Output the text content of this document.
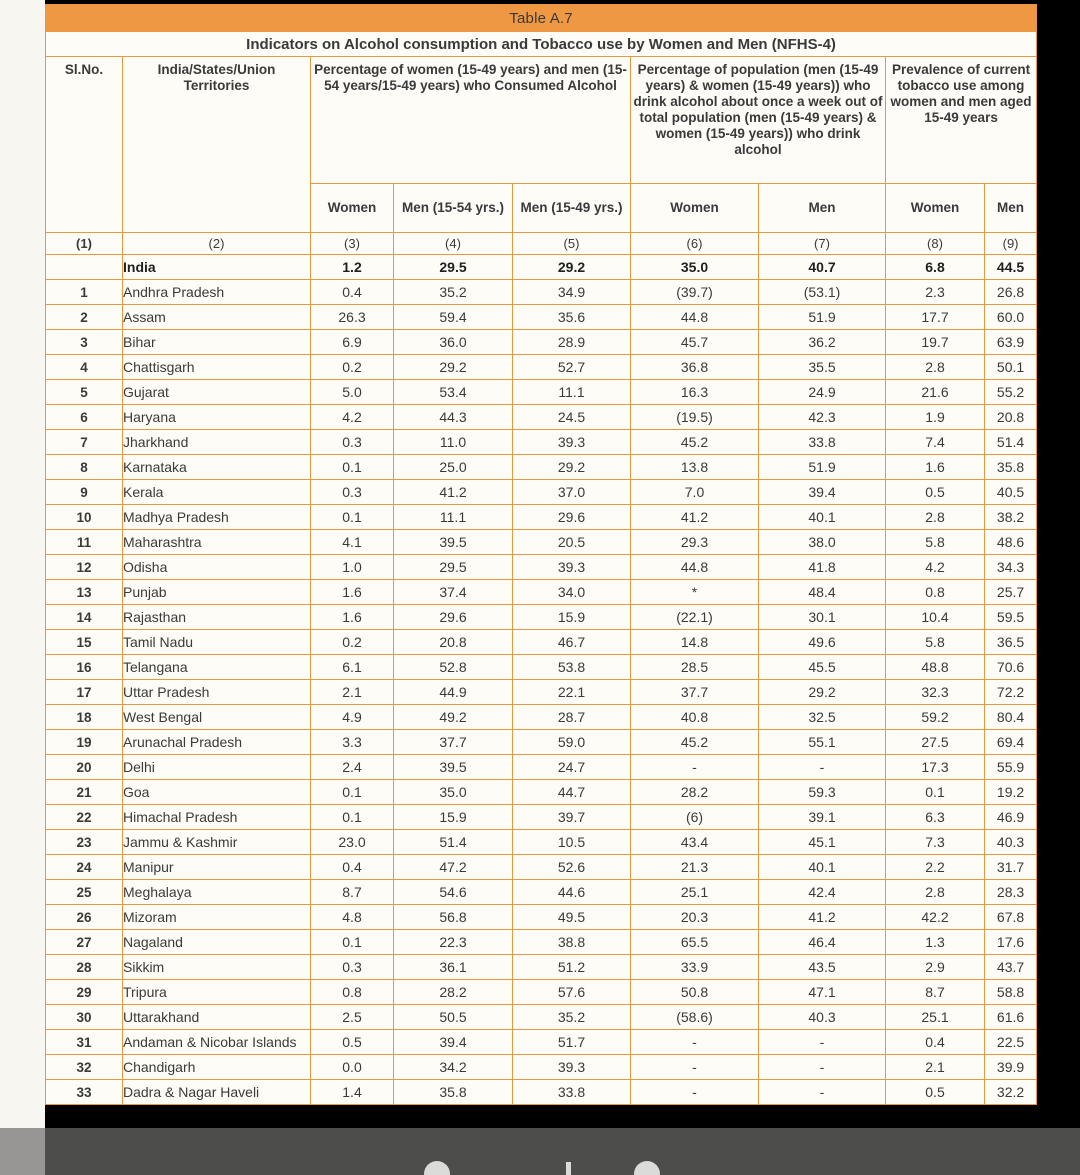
Table A.7								
Indicators on Alcohol consumption and Tobacco use by Women and Men (NFHS-4)								
Sl.No.	India/States/Union Territories	Percentage of women (15-49 years) and men (15-54 years/15-49 years) who Consumed Alcohol			Percentage of population (men (15-49 years) & women (15-49 years)) who drink alcohol about once a week out of total population (men (15-49 years) & women (15-49 years)) who drink alcohol		Prevalence of current tobacco use among women and men aged 15-49 years	
		Women	Men (15-54 yrs.)	Men (15-49 yrs.)	Women	Men	Women	Men
(1)	(2)	(3)	(4)	(5)	(6)	(7)	(8)	(9)
	India	1.2	29.5	29.2	35.0	40.7	6.8	44.5
1	Andhra Pradesh	0.4	35.2	34.9	(39.7)	(53.1)	2.3	26.8
2	Assam	26.3	59.4	35.6	44.8	51.9	17.7	60.0
3	Bihar	6.9	36.0	28.9	45.7	36.2	19.7	63.9
4	Chattisgarh	0.2	29.2	52.7	36.8	35.5	2.8	50.1
5	Gujarat	5.0	53.4	11.1	16.3	24.9	21.6	55.2
6	Haryana	4.2	44.3	24.5	(19.5)	42.3	1.9	20.8
7	Jharkhand	0.3	11.0	39.3	45.2	33.8	7.4	51.4
8	Karnataka	0.1	25.0	29.2	13.8	51.9	1.6	35.8
9	Kerala	0.3	41.2	37.0	7.0	39.4	0.5	40.5
10	Madhya Pradesh	0.1	11.1	29.6	41.2	40.1	2.8	38.2
11	Maharashtra	4.1	39.5	20.5	29.3	38.0	5.8	48.6
12	Odisha	1.0	29.5	39.3	44.8	41.8	4.2	34.3
13	Punjab	1.6	37.4	34.0	*	48.4	0.8	25.7
14	Rajasthan	1.6	29.6	15.9	(22.1)	30.1	10.4	59.5
15	Tamil Nadu	0.2	20.8	46.7	14.8	49.6	5.8	36.5
16	Telangana	6.1	52.8	53.8	28.5	45.5	48.8	70.6
17	Uttar Pradesh	2.1	44.9	22.1	37.7	29.2	32.3	72.2
18	West Bengal	4.9	49.2	28.7	40.8	32.5	59.2	80.4
19	Arunachal Pradesh	3.3	37.7	59.0	45.2	55.1	27.5	69.4
20	Delhi	2.4	39.5	24.7	-	-	17.3	55.9
21	Goa	0.1	35.0	44.7	28.2	59.3	0.1	19.2
22	Himachal Pradesh	0.1	15.9	39.7	(6)	39.1	6.3	46.9
23	Jammu & Kashmir	23.0	51.4	10.5	43.4	45.1	7.3	40.3
24	Manipur	0.4	47.2	52.6	21.3	40.1	2.2	31.7
25	Meghalaya	8.7	54.6	44.6	25.1	42.4	2.8	28.3
26	Mizoram	4.8	56.8	49.5	20.3	41.2	42.2	67.8
27	Nagaland	0.1	22.3	38.8	65.5	46.4	1.3	17.6
28	Sikkim	0.3	36.1	51.2	33.9	43.5	2.9	43.7
29	Tripura	0.8	28.2	57.6	50.8	47.1	8.7	58.8
30	Uttarakhand	2.5	50.5	35.2	(58.6)	40.3	25.1	61.6
31	Andaman & Nicobar Islands	0.5	39.4	51.7	-	-	0.4	22.5
32	Chandigarh	0.0	34.2	39.3	-	-	2.1	39.9
33	Dadra & Nagar Haveli	1.4	35.8	33.8	-	-	0.5	32.2
